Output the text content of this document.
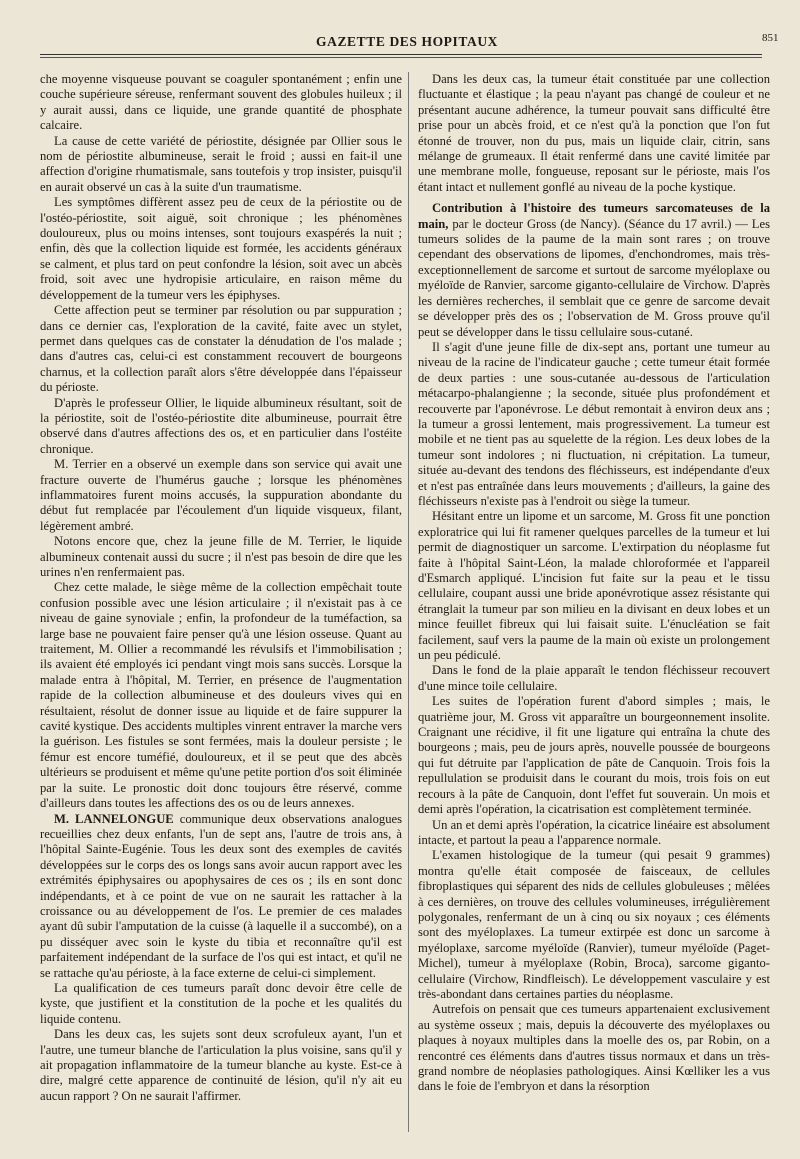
GAZETTE DES HOPITAUX	851

che moyenne visqueuse pouvant se coaguler spontanément ; enfin une couche supérieure séreuse, renfermant souvent des globules huileux ; il y aurait aussi, dans ce liquide, une grande quantité de phosphate calcaire.

La cause de cette variété de périostite, désignée par Ollier sous le nom de périostite albumineuse, serait le froid ; aussi en fait-il une affection d'origine rhumatismale, sans toutefois y trop insister, puisqu'il en aurait observé un cas à la suite d'un traumatisme.

Les symptômes diffèrent assez peu de ceux de la périostite ou de l'ostéo-périostite, soit aiguë, soit chronique ; les phénomènes douloureux, plus ou moins intenses, sont toujours exaspérés la nuit ; enfin, dès que la collection liquide est formée, les accidents généraux se calment, et plus tard on peut confondre la lésion, soit avec un abcès froid, soit avec une hydropisie articulaire, en raison même du développement de la tumeur vers les épiphyses.

Cette affection peut se terminer par résolution ou par suppuration ; dans ce dernier cas, l'exploration de la cavité, faite avec un stylet, permet dans quelques cas de constater la dénudation de l'os malade ; dans d'autres cas, celui-ci est constamment recouvert de bourgeons charnus, et la collection paraît alors s'être développée dans l'épaisseur du périoste.

D'après le professeur Ollier, le liquide albumineux résultant, soit de la périostite, soit de l'ostéo-périostite dite albumineuse, pourrait être observé dans d'autres affections des os, et en particulier dans l'ostéite chronique.

M. Terrier en a observé un exemple dans son service qui avait une fracture ouverte de l'humérus gauche ; lorsque les phénomènes inflammatoires furent moins accusés, la suppuration abondante du début fut remplacée par l'écoulement d'un liquide visqueux, filant, légèrement ambré.

Notons encore que, chez la jeune fille de M. Terrier, le liquide albumineux contenait aussi du sucre ; il n'est pas besoin de dire que les urines n'en renfermaient pas.

Chez cette malade, le siège même de la collection empêchait toute confusion possible avec une lésion articulaire ; il n'existait pas à ce niveau de gaine synoviale ; enfin, la profondeur de la tuméfaction, sa large base ne pouvaient faire penser qu'à une lésion osseuse. Quant au traitement, M. Ollier a recommandé les révulsifs et l'immobilisation ; ils avaient été employés ici pendant vingt mois sans succès. Lorsque la malade entra à l'hôpital, M. Terrier, en présence de l'augmentation rapide de la collection albumineuse et des douleurs vives qui en résultaient, résolut de donner issue au liquide et de faire suppurer la cavité kystique. Des accidents multiples vinrent entraver la marche vers la guérison. Les fistules se sont fermées, mais la douleur persiste ; le fémur est encore tuméfié, douloureux, et il se peut que des abcès ultérieurs se produisent et même qu'une petite portion d'os soit éliminée par la suite. Le pronostic doit donc toujours être réservé, comme d'ailleurs dans toutes les affections des os ou de leurs annexes.

M. LANNELONGUE communique deux observations analogues recueillies chez deux enfants, l'un de sept ans, l'autre de trois ans, à l'hôpital Sainte-Eugénie. Tous les deux sont des exemples de cavités développées sur le corps des os longs sans avoir aucun rapport avec les extrémités épiphysaires ou apophysaires de ces os ; ils en sont donc indépendants, et à ce point de vue on ne saurait les rattacher à la croissance ou au développement de l'os. Le premier de ces malades ayant dû subir l'amputation de la cuisse (à laquelle il a succombé), on a pu disséquer avec soin le kyste du tibia et reconnaître qu'il est parfaitement indépendant de la surface de l'os qui est intact, et qu'il ne se rattache qu'au périoste, à la face externe de celui-ci simplement.

La qualification de ces tumeurs paraît donc devoir être celle de kyste, que justifient et la constitution de la poche et les qualités du liquide contenu.

Dans les deux cas, les sujets sont deux scrofuleux ayant, l'un et l'autre, une tumeur blanche de l'articulation la plus voisine, sans qu'il y ait propagation inflammatoire de la tumeur blanche au kyste. Est-ce à dire, malgré cette apparence de continuité de lésion, qu'il n'y ait eu aucun rapport ? On ne saurait l'affirmer.

Dans les deux cas, la tumeur était constituée par une collection fluctuante et élastique ; la peau n'ayant pas changé de couleur et ne présentant aucune adhérence, la tumeur pouvait sans difficulté être prise pour un abcès froid, et ce n'est qu'à la ponction que l'on fut étonné de trouver, non du pus, mais un liquide clair, citrin, sans mélange de grumeaux. Il était renfermé dans une cavité limitée par une membrane molle, fongueuse, reposant sur le périoste, mais l'os étant intact et nullement gonflé au niveau de la poche kystique.

Contribution à l'histoire des tumeurs sarcomateuses de la main, par le docteur Gross (de Nancy). (Séance du 17 avril.) — Les tumeurs solides de la paume de la main sont rares ; on trouve cependant des observations de lipomes, d'enchondromes, mais très-exceptionnellement de sarcome et surtout de sarcome myéloplaxe ou myéloïde de Ranvier, sarcome giganto-cellulaire de Virchow. D'après les dernières recherches, il semblait que ce genre de sarcome devait se développer près des os ; l'observation de M. Gross prouve qu'il peut se développer dans le tissu cellulaire sous-cutané.

Il s'agit d'une jeune fille de dix-sept ans, portant une tumeur au niveau de la racine de l'indicateur gauche ; cette tumeur était formée de deux parties : une sous-cutanée au-dessous de l'articulation métacarpo-phalangienne ; la seconde, située plus profondément et recouverte par l'aponévrose. Le début remontait à environ deux ans ; la tumeur a grossi lentement, mais progressivement. La tumeur est mobile et ne tient pas au squelette de la région. Les deux lobes de la tumeur sont indolores ; ni fluctuation, ni crépitation. La tumeur, située au-devant des tendons des fléchisseurs, est indépendante d'eux et n'est pas entraînée dans leurs mouvements ; d'ailleurs, la gaine des fléchisseurs n'existe pas à l'endroit ou siège la tumeur.

Hésitant entre un lipome et un sarcome, M. Gross fit une ponction exploratrice qui lui fit ramener quelques parcelles de la tumeur et lui permit de diagnostiquer un sarcome. L'extirpation du néoplasme fut faite à l'hôpital Saint-Léon, la malade chloroformée et l'appareil d'Esmarch appliqué. L'incision fut faite sur la peau et le tissu cellulaire, coupant aussi une bride aponévrotique assez résistante qui étranglait la tumeur par son milieu en la divisant en deux lobes et un mince feuillet fibreux qui lui faisait suite. L'énucléation se fait facilement, sauf vers la paume de la main où existe un prolongement un peu pédiculé.

Dans le fond de la plaie apparaît le tendon fléchisseur recouvert d'une mince toile cellulaire.

Les suites de l'opération furent d'abord simples ; mais, le quatrième jour, M. Gross vit apparaître un bourgeonnement insolite. Craignant une récidive, il fit une ligature qui entraîna la chute des bourgeons ; mais, peu de jours après, nouvelle poussée de bourgeons qui fut détruite par l'application de pâte de Canquoin. Trois fois la repullulation se produisit dans le courant du mois, trois fois on eut recours à la pâte de Canquoin, dont l'effet fut souverain. Un mois et demi après l'opération, la cicatrisation est complètement terminée.

Un an et demi après l'opération, la cicatrice linéaire est absolument intacte, et partout la peau a l'apparence normale.

L'examen histologique de la tumeur (qui pesait 9 grammes) montra qu'elle était composée de faisceaux, de cellules fibroplastiques qui séparent des nids de cellules globuleuses ; mêlées à ces dernières, on trouve des cellules volumineuses, irrégulièrement polygonales, renfermant de un à cinq ou six noyaux ; ces éléments sont des myéloplaxes. La tumeur extirpée est donc un sarcome à myéloplaxe, sarcome myéloïde (Ranvier), tumeur myéloïde (Paget-Michel), tumeur à myéloplaxe (Robin, Broca), sarcome giganto-cellulaire (Virchow, Rindfleisch). Le développement vasculaire y est très-abondant dans certaines parties du néoplasme.

Autrefois on pensait que ces tumeurs appartenaient exclusivement au système osseux ; mais, depuis la découverte des myéloplaxes ou plaques à noyaux multiples dans la moelle des os, par Robin, on a rencontré ces éléments dans d'autres tissus normaux et dans un très-grand nombre de néoplasies pathologiques. Ainsi Kœlliker les a vus dans le foie de l'embryon et dans la résorption
